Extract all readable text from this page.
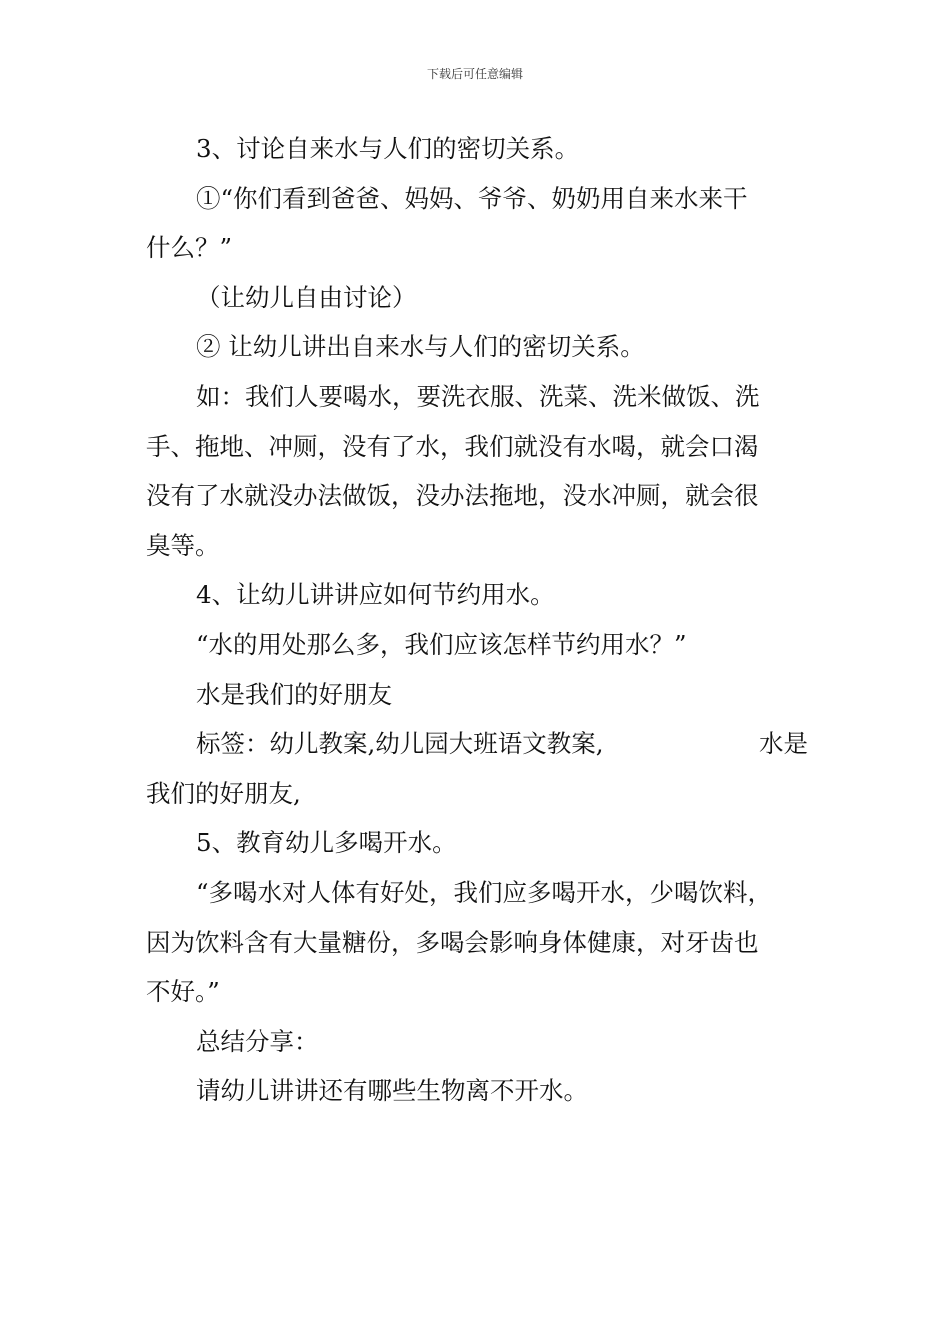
下载后可任意编辑
3、讨论自来水与人们的密切关系。
①“你们看到爸爸、妈妈、爷爷、奶奶用自来水来干
什么？”
（让幼儿自由讨论）
② 让幼儿讲出自来水与人们的密切关系。
如：我们人要喝水，要洗衣服、洗菜、洗米做饭、洗
手、拖地、冲厕，没有了水，我们就没有水喝，就会口渴
没有了水就没办法做饭，没办法拖地，没水冲厕，就会很
臭等。
4、让幼儿讲讲应如何节约用水。
“水的用处那么多，我们应该怎样节约用水？”
水是我们的好朋友
标签：幼儿教案,幼儿园大班语文教案,	水是
我们的好朋友,
5、教育幼儿多喝开水。
“多喝水对人体有好处，我们应多喝开水，少喝饮料，
因为饮料含有大量糖份，多喝会影响身体健康，对牙齿也
不好。”
总结分享：
请幼儿讲讲还有哪些生物离不开水。
